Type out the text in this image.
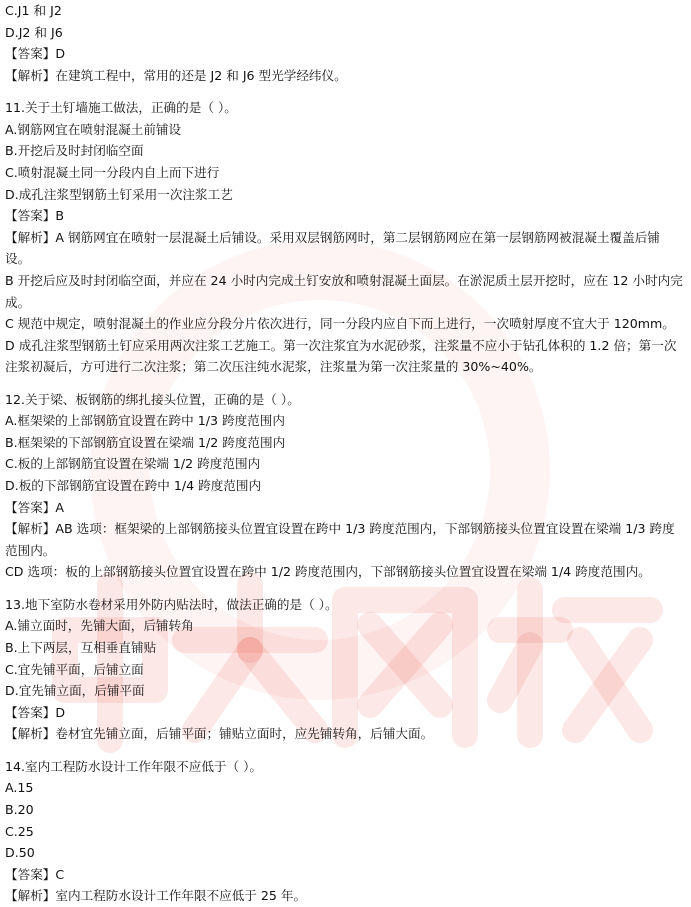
C.J1 和 J2
D.J2 和 J6
【答案】D
【解析】在建筑工程中，常用的还是 J2 和 J6 型光学经纬仪。
11.关于土钉墙施工做法，正确的是（ ）。
A.钢筋网宜在喷射混凝土前铺设
B.开挖后及时封闭临空面
C.喷射混凝土同一分段内自上而下进行
D.成孔注浆型钢筋土钉采用一次注浆工艺
【答案】B
【解析】A 钢筋网宜在喷射一层混凝土后铺设。采用双层钢筋网时，第二层钢筋网应在第一层钢筋网被混凝土覆盖后铺设。
B 开挖后应及时封闭临空面，并应在 24 小时内完成土钉安放和喷射混凝土面层。在淤泥质土层开挖时，应在 12 小时内完成。
C 规范中规定，喷射混凝土的作业应分段分片依次进行，同一分段内应自下而上进行，一次喷射厚度不宜大于 120mm。
D 成孔注浆型钢筋土钉应采用两次注浆工艺施工。第一次注浆宜为水泥砂浆，注浆量不应小于钻孔体积的 1.2 倍；第一次注浆初凝后，方可进行二次注浆；第二次压注纯水泥浆，注浆量为第一次注浆量的 30%~40%。
12.关于梁、板钢筋的绑扎接头位置，正确的是（ ）。
A.框架梁的上部钢筋宜设置在跨中 1/3 跨度范围内
B.框架梁的下部钢筋宜设置在梁端 1/2 跨度范围内
C.板的上部钢筋宜设置在梁端 1/2 跨度范围内
D.板的下部钢筋宜设置在跨中 1/4 跨度范围内
【答案】A
【解析】AB 选项：框架梁的上部钢筋接头位置宜设置在跨中 1/3 跨度范围内，下部钢筋接头位置宜设置在梁端 1/3 跨度范围内。
CD 选项：板的上部钢筋接头位置宜设置在跨中 1/2 跨度范围内，下部钢筋接头位置宜设置在梁端 1/4 跨度范围内。
13.地下室防水卷材采用外防内贴法时，做法正确的是（ ）。
A.铺立面时，先铺大面，后铺转角
B.上下两层，互相垂直铺贴
C.宜先铺平面，后铺立面
D.宜先铺立面，后铺平面
【答案】D
【解析】卷材宜先铺立面，后铺平面；铺贴立面时，应先铺转角，后铺大面。
14.室内工程防水设计工作年限不应低于（ ）。
A.15
B.20
C.25
D.50
【答案】C
【解析】室内工程防水设计工作年限不应低于 25 年。
